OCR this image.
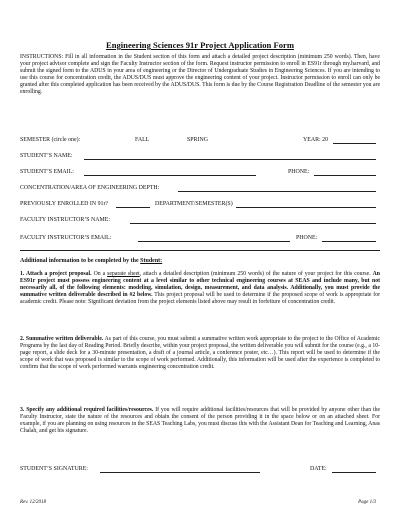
Engineering Sciences 91r Project Application Form
INSTRUCTIONS: Fill in all information in the Student section of this form and attach a detailed project description (minimum 250 words). Then, have your project advisor complete and sign the Faculty Instructor section of the form. Request instructor permission to enroll in ES91r through my.harvard, and submit the signed form to the ADUS in your area of engineering or the Director of Undergraduate Studies in Engineering Sciences. If you are intending to use this course for concentration credit, the ADUS/DUS must approve the engineering content of your project. Instructor permission to enroll can only be granted after this completed application has been received by the ADUS/DUS. This form is due by the Course Registration Deadline of the semester you are enrolling.
SEMESTER (circle one):	FALL	SPRING	YEAR: 20
STUDENT’S NAME:
STUDENT’S EMAIL:	PHONE:
CONCENTRATION/AREA OF ENGINEERING DEPTH:
PREVIOUSLY ENROLLED IN 91r?	DEPARTMENT/SEMESTER(S)
FACULTY INSTRUCTOR’S NAME:
FACULTY INSTRUCTOR’S EMAIL:	PHONE:
Additional information to be completed by the Student:
1. Attach a project proposal. On a separate sheet, attach a detailed description (minimum 250 words) of the nature of your project for this course. An ES91r project must possess engineering content at a level similar to other technical engineering courses at SEAS and include many, but not necessarily all, of the following elements: modeling, simulation, design, measurement, and data analysis. Additionally, you must provide the summative written deliverable described in #2 below. This project proposal will be used to determine if the proposed scope of work is appropriate for academic credit. Please note: Significant deviation from the project elements listed above may result in forfeiture of concentration credit.
2. Summative written deliverable. As part of this course, you must submit a summative written work appropriate to the project to the Office of Academic Programs by the last day of Reading Period. Briefly describe, within your project proposal, the written deliverable you will submit for the course (e.g., a 10-page report, a slide deck for a 30-minute presentation, a draft of a journal article, a conference poster, etc…). This report will be used to determine if the scope of work that was proposed is similar to the scope of work performed. Additionally, this information will be used after the experience is completed to confirm that the scope of work performed warrants engineering concentration credit.
3. Specify any additional required facilities/resources. If you will require additional facilities/resources that will be provided by anyone other than the Faculty Instructor, state the nature of the resources and obtain the consent of the person providing it in the space below or on an attached sheet. For example, if you are planning on using resources in the SEAS Teaching Labs, you must discuss this with the Assistant Dean for Teaching and Learning, Anas Chalah, and get his signature.
STUDENT’S SIGNATURE:	DATE:
Rev. 12/2018	Page 1/3
